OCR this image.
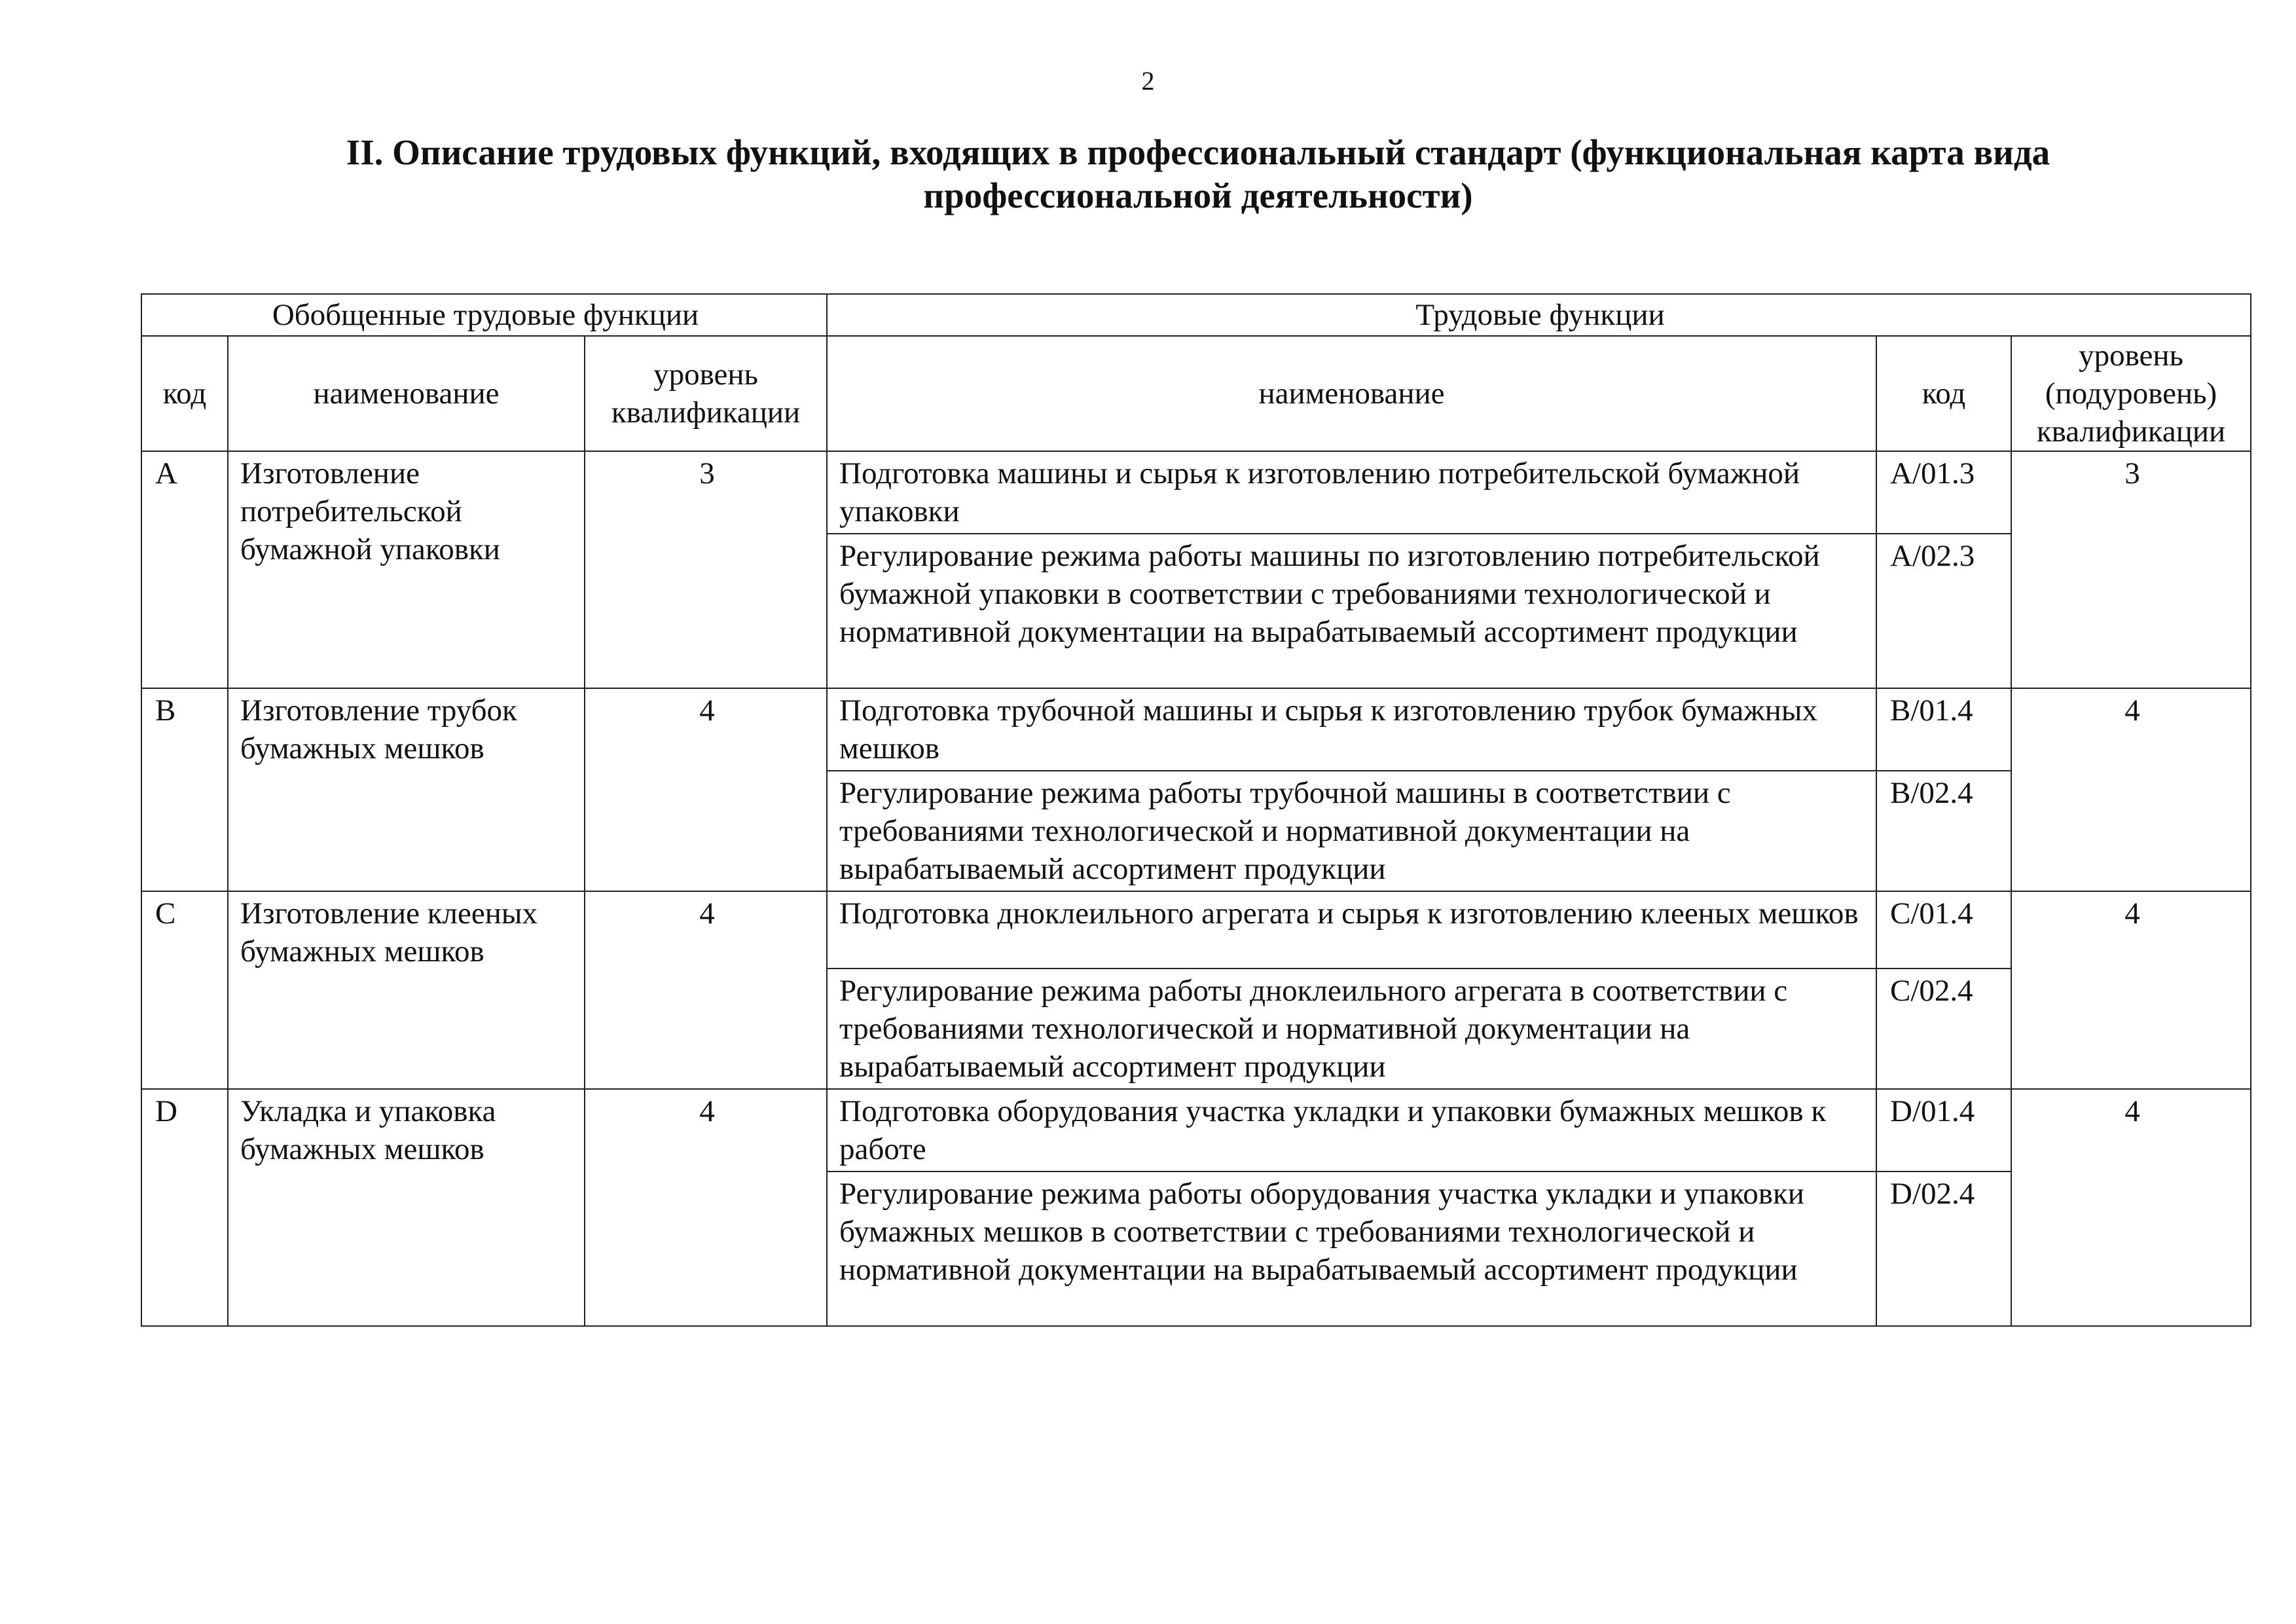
2
II. Описание трудовых функций, входящих в профессиональный стандарт (функциональная карта вида профессиональной деятельности)
Обобщенные трудовые функции			Трудовые функции		
код	наименование	уровень квалификации	наименование	код	уровень (подуровень) квалификации
A	Изготовление потребительской бумажной упаковки	3	Подготовка машины и сырья к изготовлению потребительской бумажной упаковки	A/01.3	3
			Регулирование режима работы машины по изготовлению потребительской бумажной упаковки в соответствии с требованиями технологической и нормативной документации на вырабатываемый ассортимент продукции	A/02.3	
B	Изготовление трубок бумажных мешков	4	Подготовка трубочной машины и сырья к изготовлению трубок бумажных мешков	B/01.4	4
			Регулирование режима работы трубочной машины в соответствии с требованиями технологической и нормативной документации на вырабатываемый ассортимент продукции	B/02.4	
C	Изготовление клееных бумажных мешков	4	Подготовка дноклеильного агрегата и сырья к изготовлению клееных мешков	C/01.4	4
			Регулирование режима работы дноклеильного агрегата в соответствии с требованиями технологической и нормативной документации на вырабатываемый ассортимент продукции	C/02.4	
D	Укладка и упаковка бумажных мешков	4	Подготовка оборудования участка укладки и упаковки бумажных мешков к работе	D/01.4	4
			Регулирование режима работы оборудования участка укладки и упаковки бумажных мешков в соответствии с требованиями технологической и нормативной документации на вырабатываемый ассортимент продукции	D/02.4	
